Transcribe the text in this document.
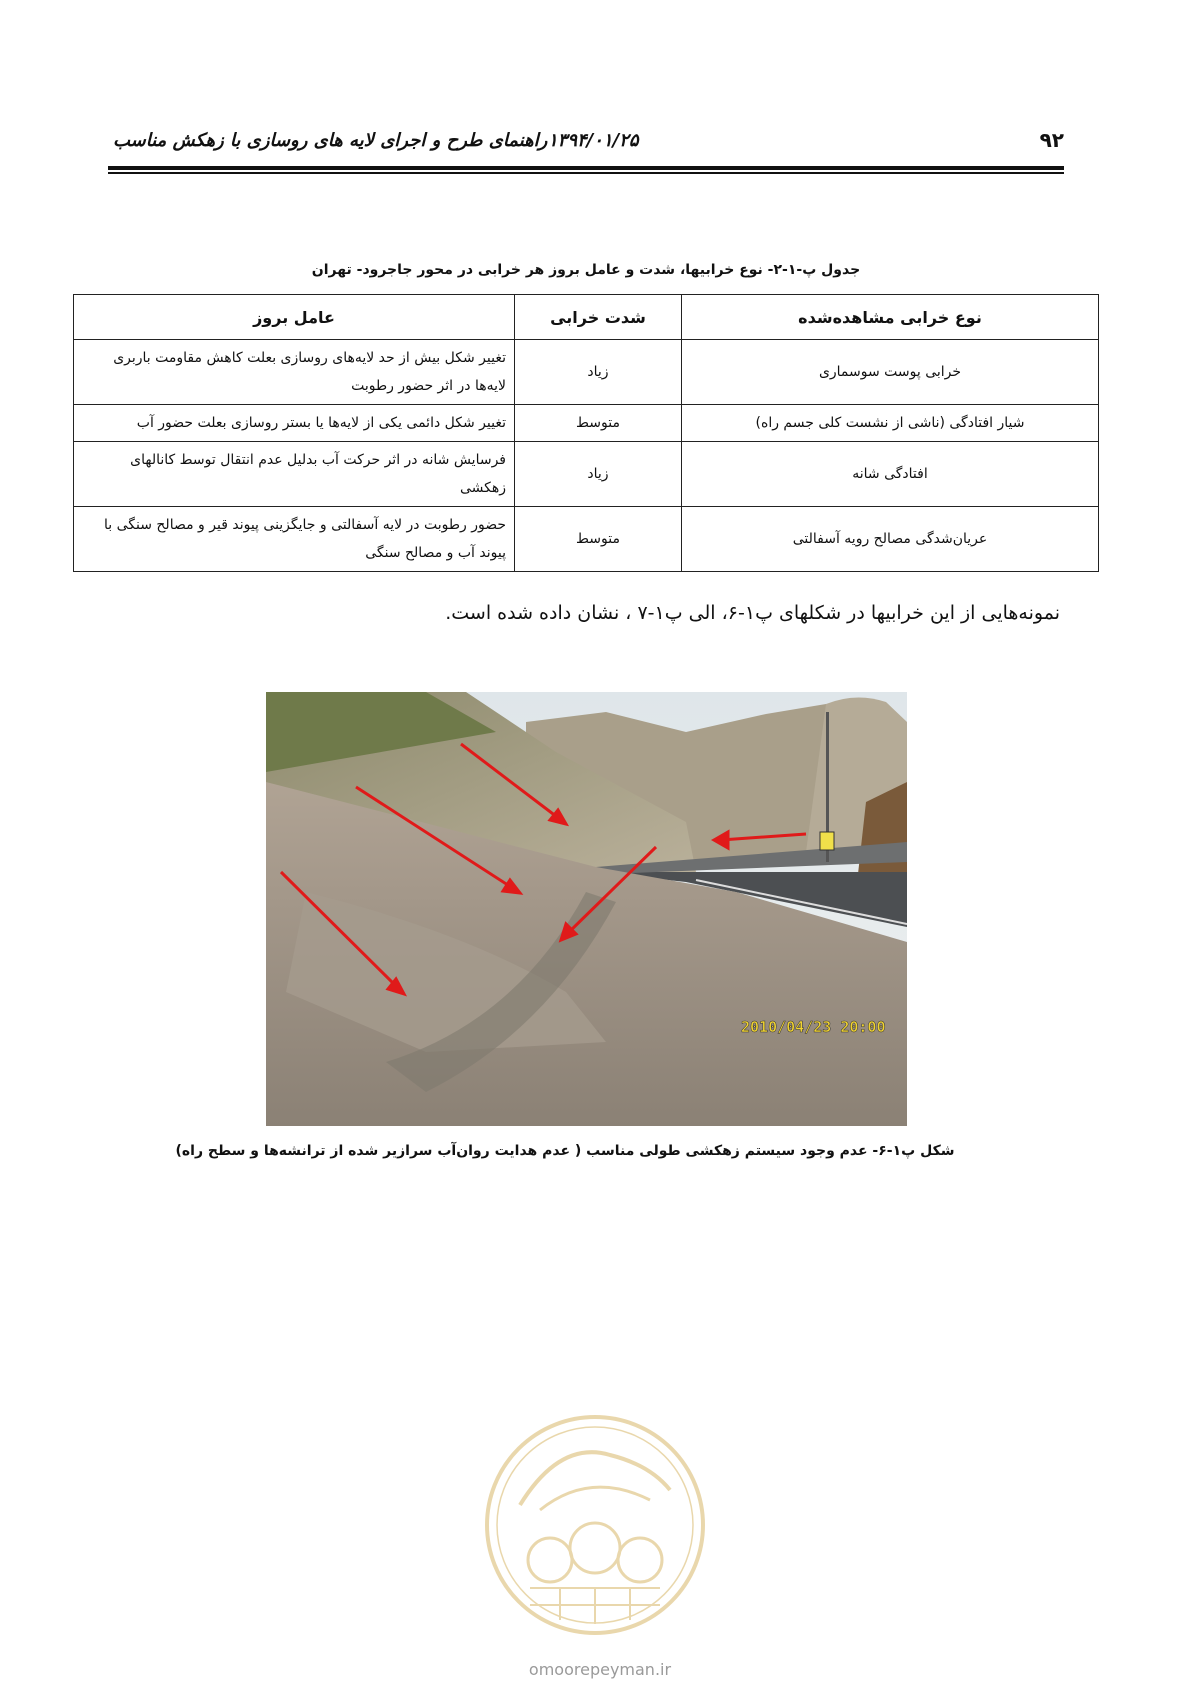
راهنمای طرح و اجرای لایه های روسازی با زهکش مناسب ۱۳۹۴/۰۱/۲۵	۹۲
جدول پ-۱-۲- نوع خرابیها، شدت و عامل بروز هر خرابی در محور جاجرود- تهران
نوع خرابی مشاهده‌شده	شدت خرابی	عامل بروز
خرابی پوست سوسماری	زیاد	تغییر شکل بیش از حد لایه‌های روسازی بعلت کاهش مقاومت باربری لایه‌ها در اثر حضور رطوبت
شیار افتادگی (ناشی از نشست کلی جسم راه)	متوسط	تغییر شکل دائمی یکی از لایه‌ها یا بستر روسازی بعلت حضور آب
افتادگی شانه	زیاد	فرسایش شانه در اثر حرکت آب بدلیل عدم انتقال توسط کانالهای زهکشی
عریان‌شدگی مصالح رویه آسفالتی	متوسط	حضور رطوبت در لایه آسفالتی و جایگزینی پیوند قیر و مصالح سنگی با پیوند آب و مصالح سنگی
نمونه‌هایی از این خرابیها در شکلهای پ۱-۶، الی پ۱-۷ ، نشان داده شده است.
2010/04/23 20:00
شکل پ۱-۶- عدم وجود سیستم زهکشی طولی مناسب ( عدم هدایت روان‌آب سرازیر شده از ترانشه‌ها و سطح راه)
omoorepeyman.ir
